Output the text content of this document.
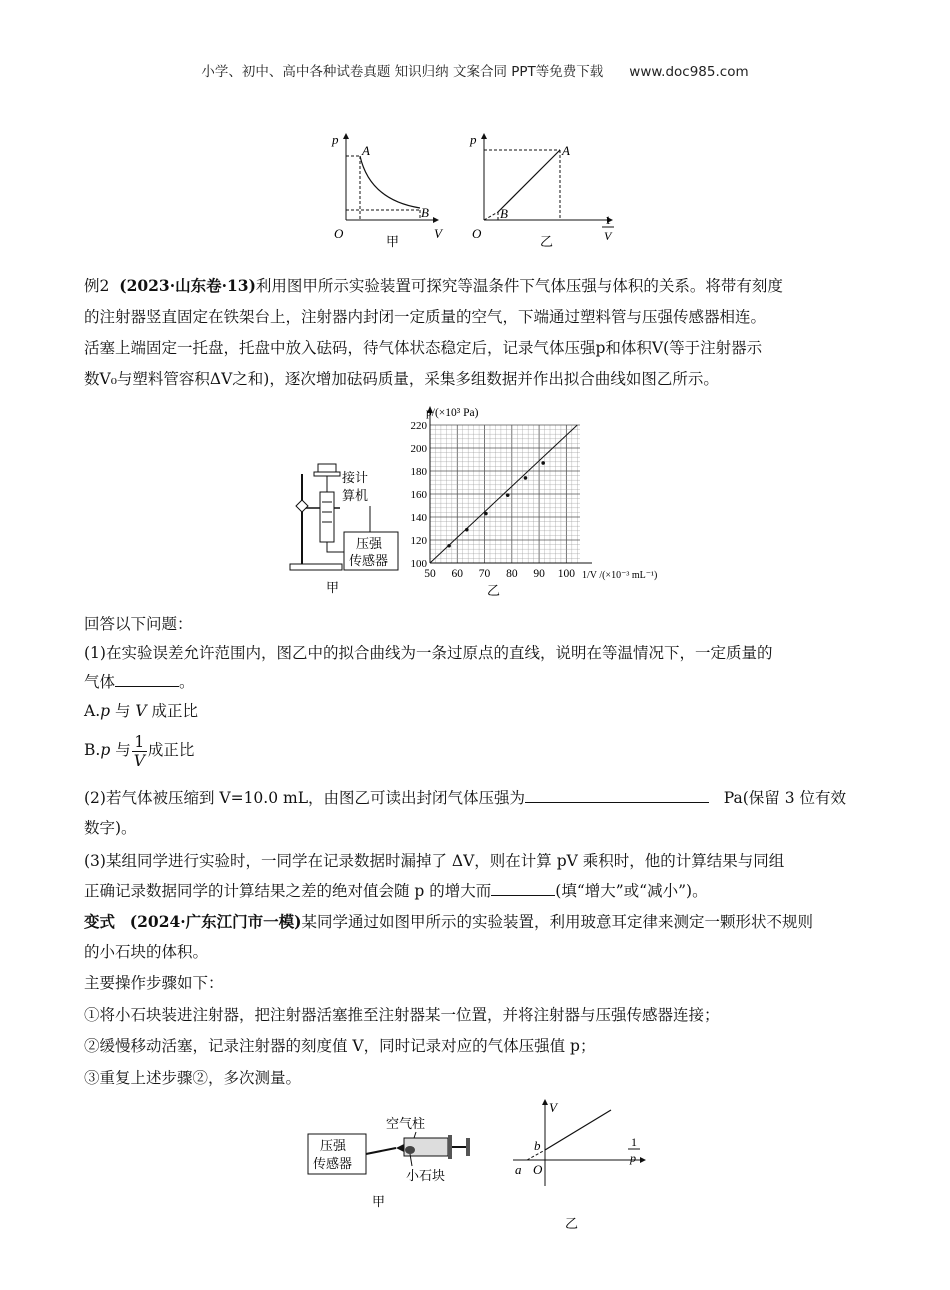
小学、初中、高中各种试卷真题 知识归纳 文案合同 PPT等免费下载 www.doc985.com
p
V
O
A
B
甲
p
1
V
O
A
B
乙
例2 (2023·山东卷·13)利用图甲所示实验装置可探究等温条件下气体压强与体积的关系。将带有刻度
的注射器竖直固定在铁架台上，注射器内封闭一定质量的空气，下端通过塑料管与压强传感器相连。
活塞上端固定一托盘，托盘中放入砝码，待气体状态稳定后，记录气体压强p和体积V(等于注射器示
数V₀与塑料管容积ΔV之和)，逐次增加砝码质量，采集多组数据并作出拟合曲线如图乙所示。
接计
算机
压强
传感器
甲
100
120
140
160
180
200
220
50 60 70 80 90 100
p/(×10³ Pa)
1/V /(×10⁻³ mL⁻¹)
乙
回答以下问题：
(1)在实验误差允许范围内，图乙中的拟合曲线为一条过原点的直线，说明在等温情况下，一定质量的
气体	。
A.p 与 V 成正比
B.p 与 $\frac{1}{V}$ 成正比
(2)若气体被压缩到 V=10.0 mL，由图乙可读出封闭气体压强为	Pa(保留 3 位有效
数字)。
(3)某组同学进行实验时，一同学在记录数据时漏掉了 ΔV，则在计算 pV 乘积时，他的计算结果与同组
正确记录数据同学的计算结果之差的绝对值会随 p 的增大而	(填“增大”或“减小”)。
变式 (2024·广东江门市一模)某同学通过如图甲所示的实验装置，利用玻意耳定律来测定一颗形状不规则
的小石块的体积。
主要操作步骤如下：
①将小石块装进注射器，把注射器活塞推至注射器某一位置，并将注射器与压强传感器连接；
②缓慢移动活塞，记录注射器的刻度值 V，同时记录对应的气体压强值 p；
③重复上述步骤②，多次测量。
压强
传感器
空气柱
小石块
甲
V
1
p
b
a O
乙
